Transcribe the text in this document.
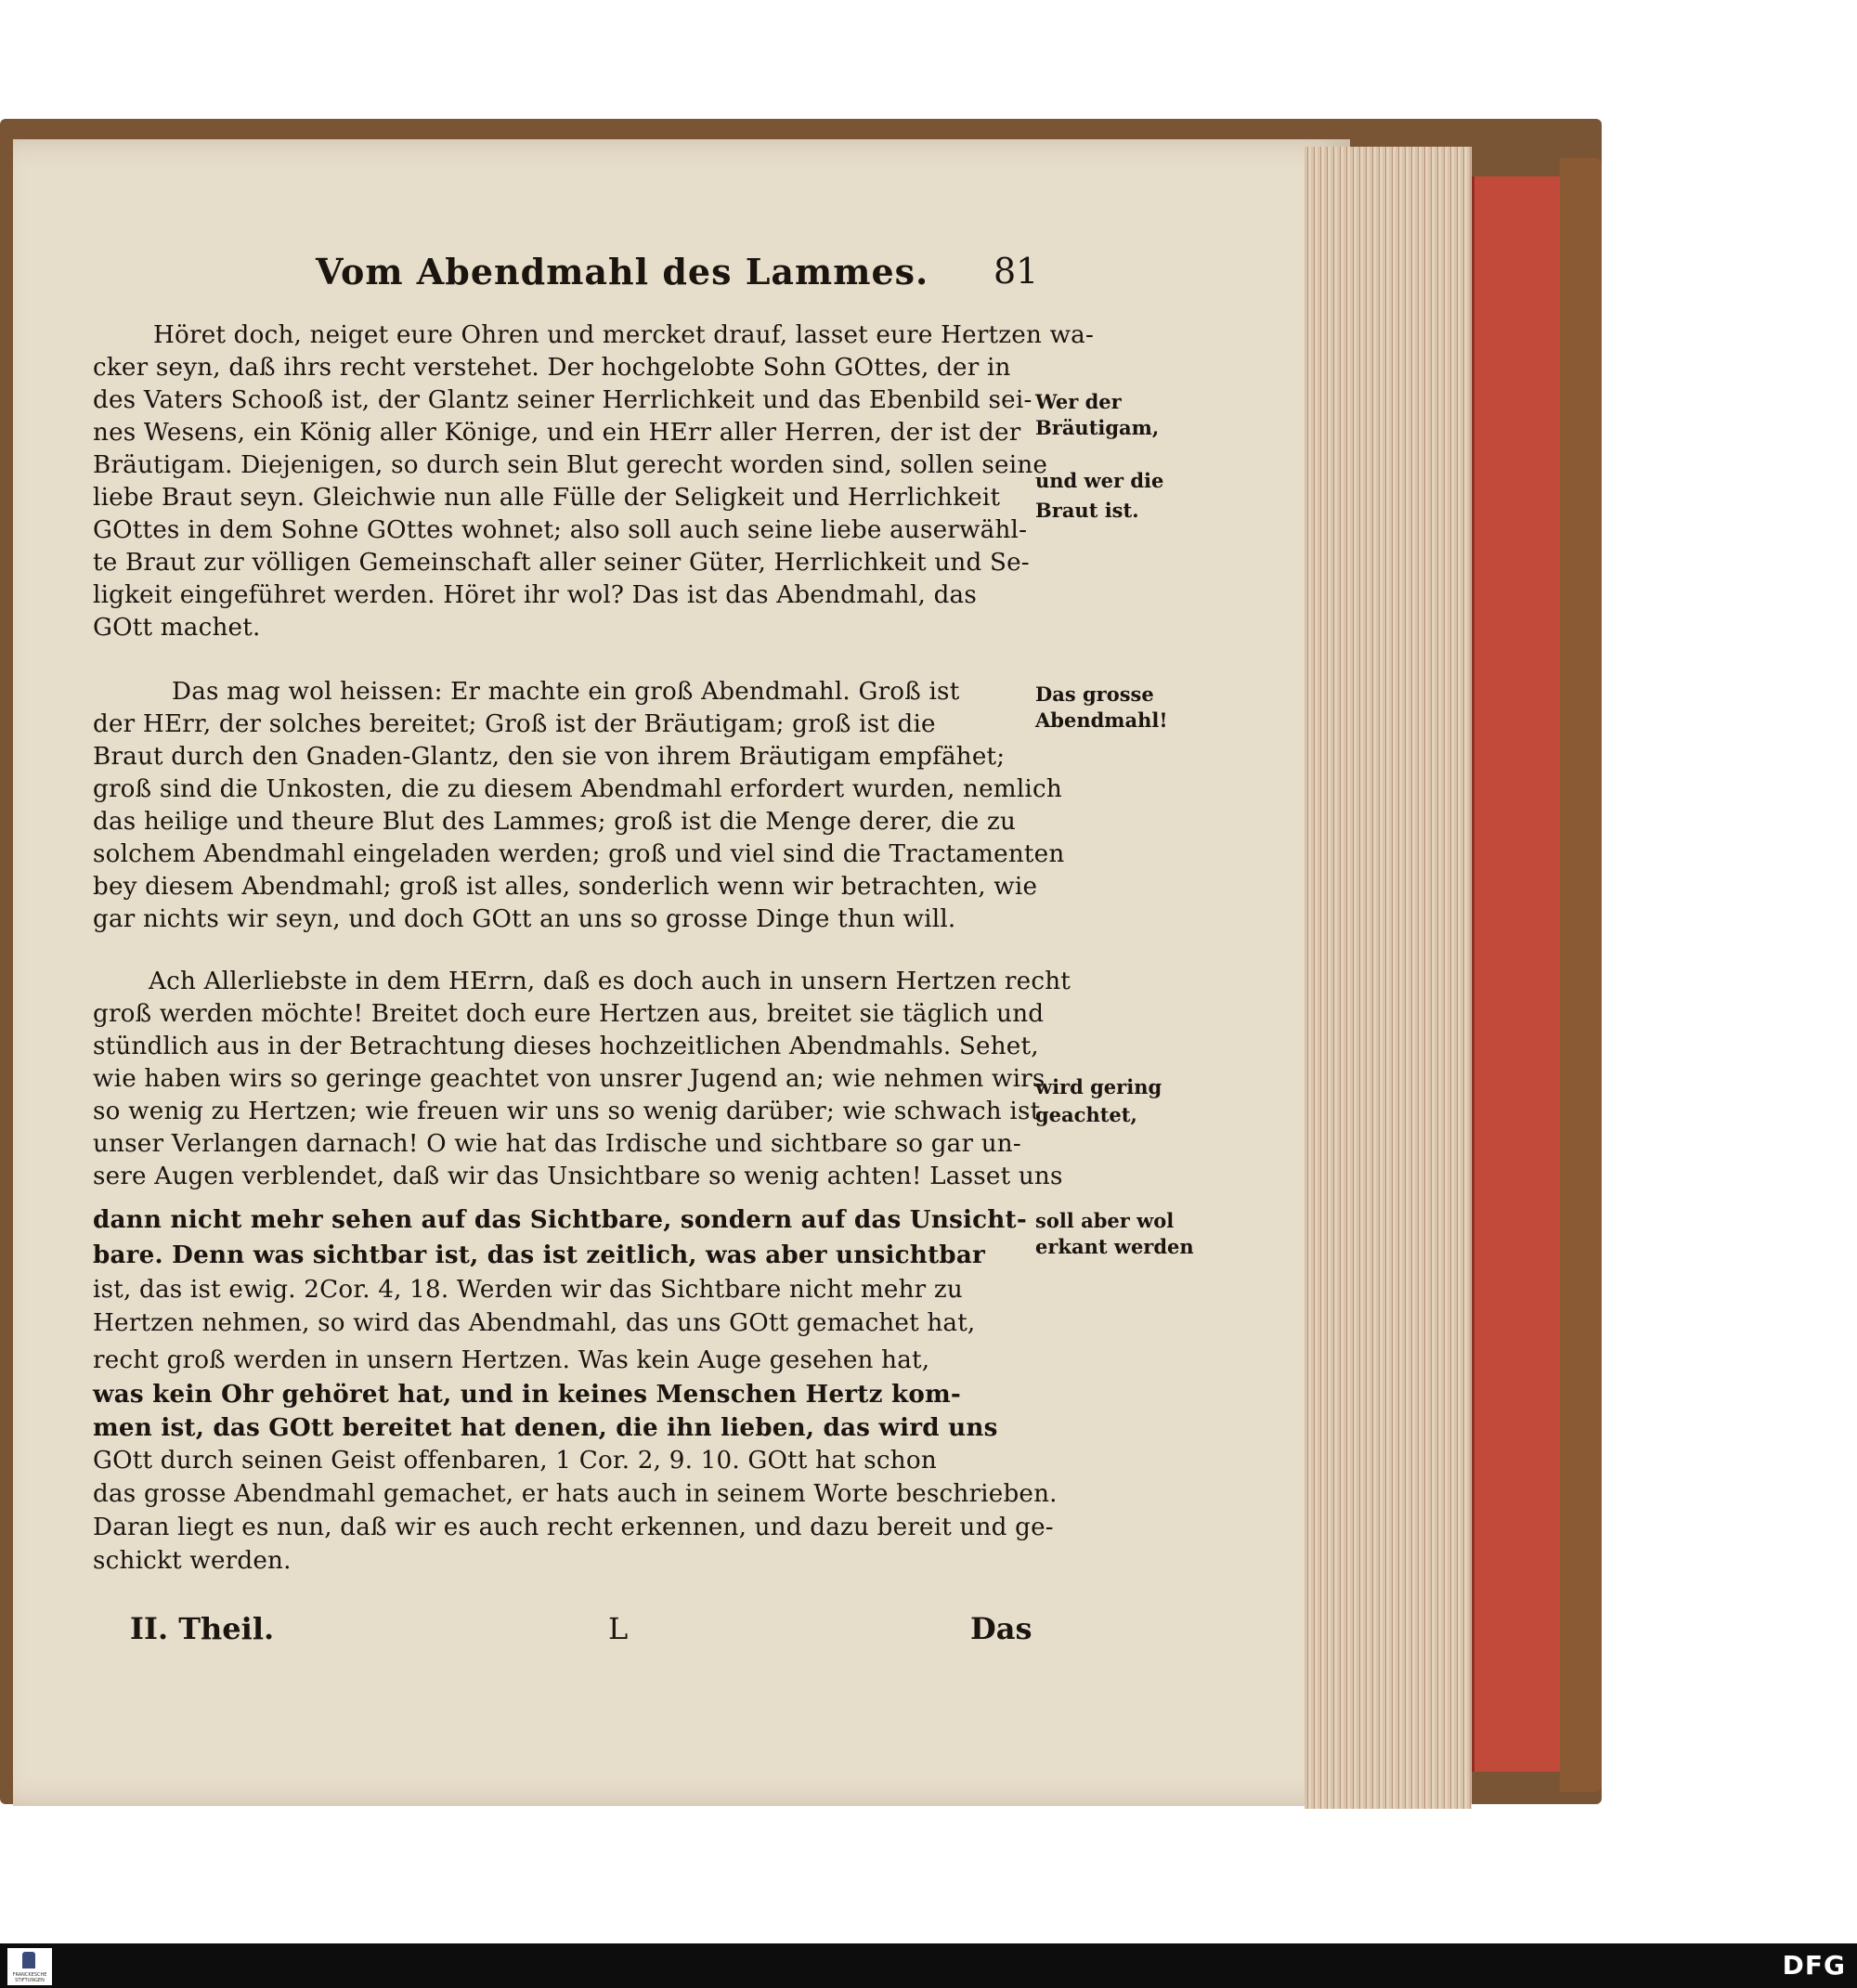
Vom Abendmahl des Lammes. 81
Höret doch, neiget eure Ohren und mercket drauf, lasset eure Hertzen wa-
cker seyn, daß ihrs recht verstehet. Der hochgelobte Sohn GOttes, der in
des Vaters Schooß ist, der Glantz seiner Herrlichkeit und das Ebenbild sei-
nes Wesens, ein König aller Könige, und ein HErr aller Herren, der ist der
Bräutigam. Diejenigen, so durch sein Blut gerecht worden sind, sollen seine
liebe Braut seyn. Gleichwie nun alle Fülle der Seligkeit und Herrlichkeit
GOttes in dem Sohne GOttes wohnet; also soll auch seine liebe auserwähl-
te Braut zur völligen Gemeinschaft aller seiner Güter, Herrlichkeit und Se-
ligkeit eingeführet werden. Höret ihr wol? Das ist das Abendmahl, das
GOtt machet.
Das mag wol heissen: Er machte ein groß Abendmahl. Groß ist
der HErr, der solches bereitet; Groß ist der Bräutigam; groß ist die
Braut durch den Gnaden-Glantz, den sie von ihrem Bräutigam empfähet;
groß sind die Unkosten, die zu diesem Abendmahl erfordert wurden, nemlich
das heilige und theure Blut des Lammes; groß ist die Menge derer, die zu
solchem Abendmahl eingeladen werden; groß und viel sind die Tractamenten
bey diesem Abendmahl; groß ist alles, sonderlich wenn wir betrachten, wie
gar nichts wir seyn, und doch GOtt an uns so grosse Dinge thun will.
Ach Allerliebste in dem HErrn, daß es doch auch in unsern Hertzen recht
groß werden möchte! Breitet doch eure Hertzen aus, breitet sie täglich und
stündlich aus in der Betrachtung dieses hochzeitlichen Abendmahls. Sehet,
wie haben wirs so geringe geachtet von unsrer Jugend an; wie nehmen wirs
so wenig zu Hertzen; wie freuen wir uns so wenig darüber; wie schwach ist
unser Verlangen darnach! O wie hat das Irdische und sichtbare so gar un-
sere Augen verblendet, daß wir das Unsichtbare so wenig achten! Lasset uns
dann nicht mehr sehen auf das Sichtbare, sondern auf das Unsicht-
bare. Denn was sichtbar ist, das ist zeitlich, was aber unsichtbar
ist, das ist ewig. 2Cor. 4, 18. Werden wir das Sichtbare nicht mehr zu
Hertzen nehmen, so wird das Abendmahl, das uns GOtt gemachet hat,
recht groß werden in unsern Hertzen. Was kein Auge gesehen hat,
was kein Ohr gehöret hat, und in keines Menschen Hertz kom-
men ist, das GOtt bereitet hat denen, die ihn lieben, das wird uns
GOtt durch seinen Geist offenbaren, 1 Cor. 2, 9. 10. GOtt hat schon
das grosse Abendmahl gemachet, er hats auch in seinem Worte beschrieben.
Daran liegt es nun, daß wir es auch recht erkennen, und dazu bereit und ge-
schickt werden.
Wer der
Bräutigam,
und wer die
Braut ist.
Das grosse
Abendmahl!
wird gering
geachtet,
soll aber wol
erkant werden
II. Theil.	L	Das
FRANCKESCHE STIFTUNGEN	DFG
